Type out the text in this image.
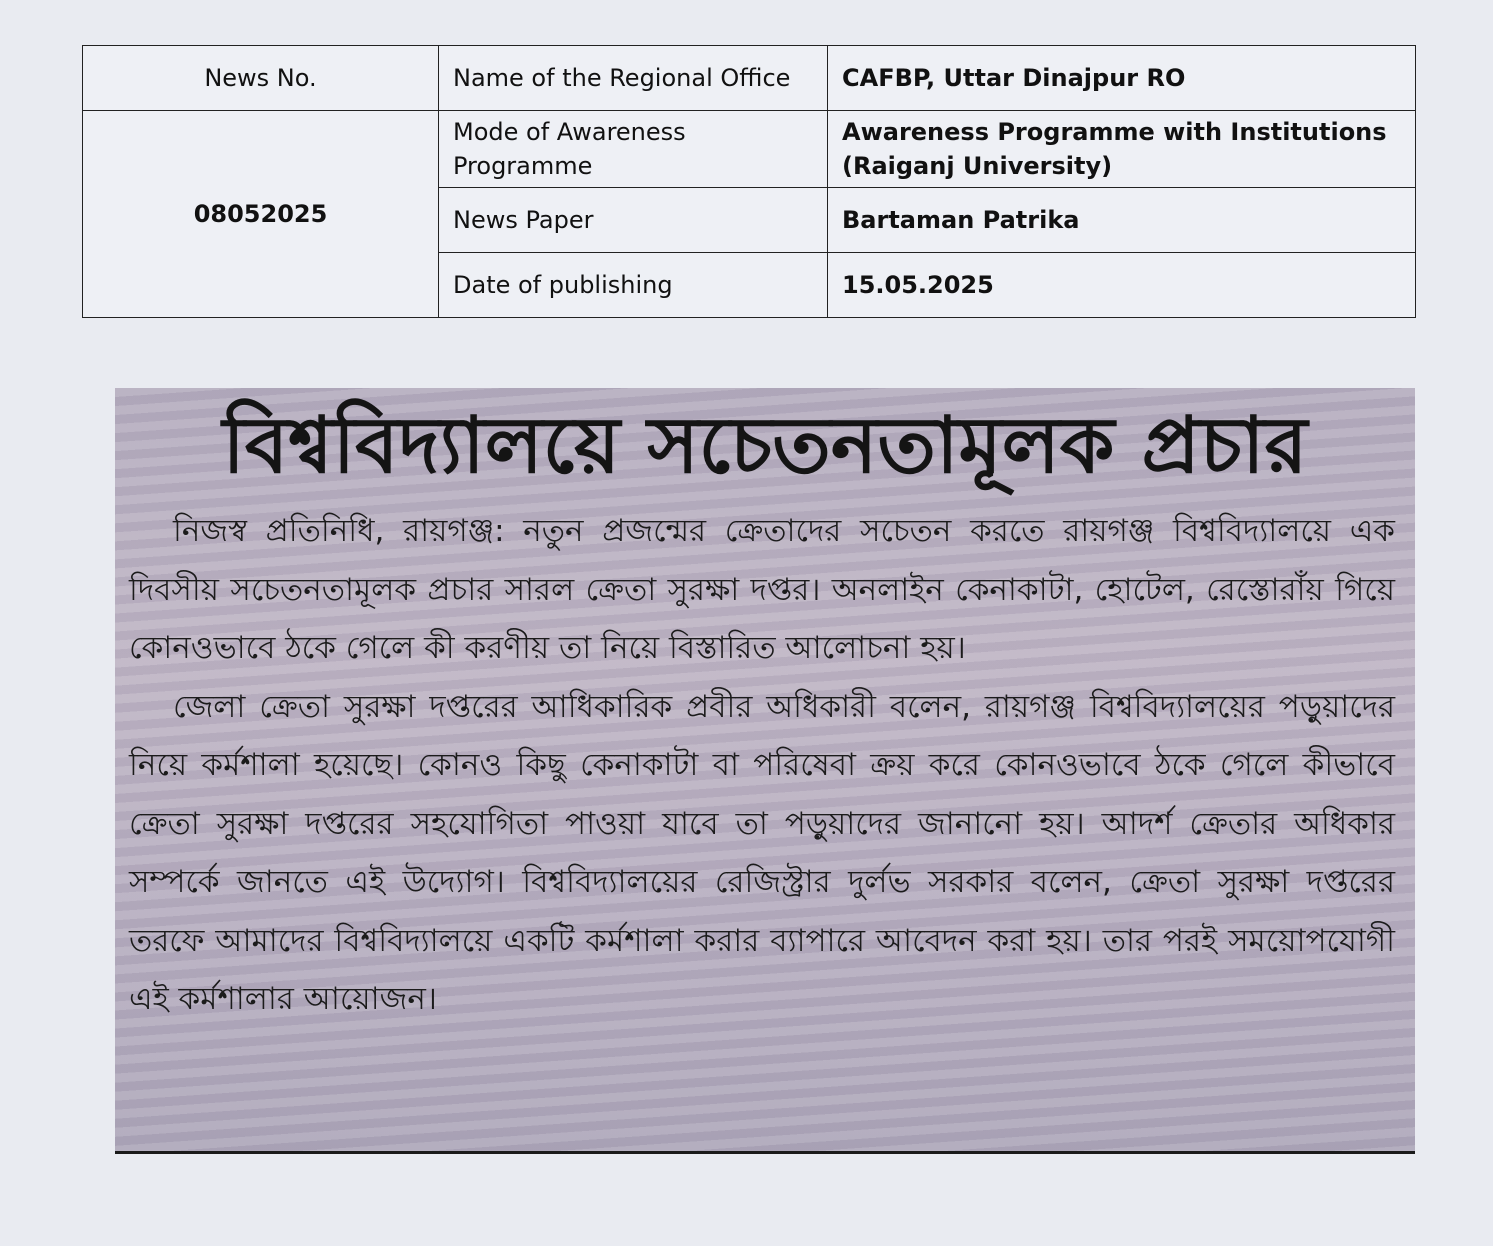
News No.	Name of the Regional Office	CAFBP, Uttar Dinajpur RO
08052025	Mode of Awareness Programme	Awareness Programme with Institutions (Raiganj University)
	News Paper	Bartaman Patrika
	Date of publishing	15.05.2025
বিশ্ববিদ্যালয়ে সচেতনতামূলক প্রচার

নিজস্ব প্রতিনিধি, রায়গঞ্জ: নতুন প্রজন্মের ক্রেতাদের সচেতন করতে রায়গঞ্জ বিশ্ববিদ্যালয়ে এক দিবসীয় সচেতনতামূলক প্রচার সারল ক্রেতা সুরক্ষা দপ্তর। অনলাইন কেনাকাটা, হোটেল, রেস্তোরাঁয় গিয়ে কোনওভাবে ঠকে গেলে কী করণীয় তা নিয়ে বিস্তারিত আলোচনা হয়।

জেলা ক্রেতা সুরক্ষা দপ্তরের আধিকারিক প্রবীর অধিকারী বলেন, রায়গঞ্জ বিশ্ববিদ্যালয়ের পড়ুয়াদের নিয়ে কর্মশালা হয়েছে। কোনও কিছু কেনাকাটা বা পরিষেবা ক্রয় করে কোনওভাবে ঠকে গেলে কীভাবে ক্রেতা সুরক্ষা দপ্তরের সহযোগিতা পাওয়া যাবে তা পড়ুয়াদের জানানো হয়। আদর্শ ক্রেতার অধিকার সম্পর্কে জানতে এই উদ্যোগ। বিশ্ববিদ্যালয়ের রেজিস্ট্রার দুর্লভ সরকার বলেন, ক্রেতা সুরক্ষা দপ্তরের তরফে আমাদের বিশ্ববিদ্যালয়ে একটি কর্মশালা করার ব্যাপারে আবেদন করা হয়। তার পরই সময়োপযোগী এই কর্মশালার আয়োজন।
